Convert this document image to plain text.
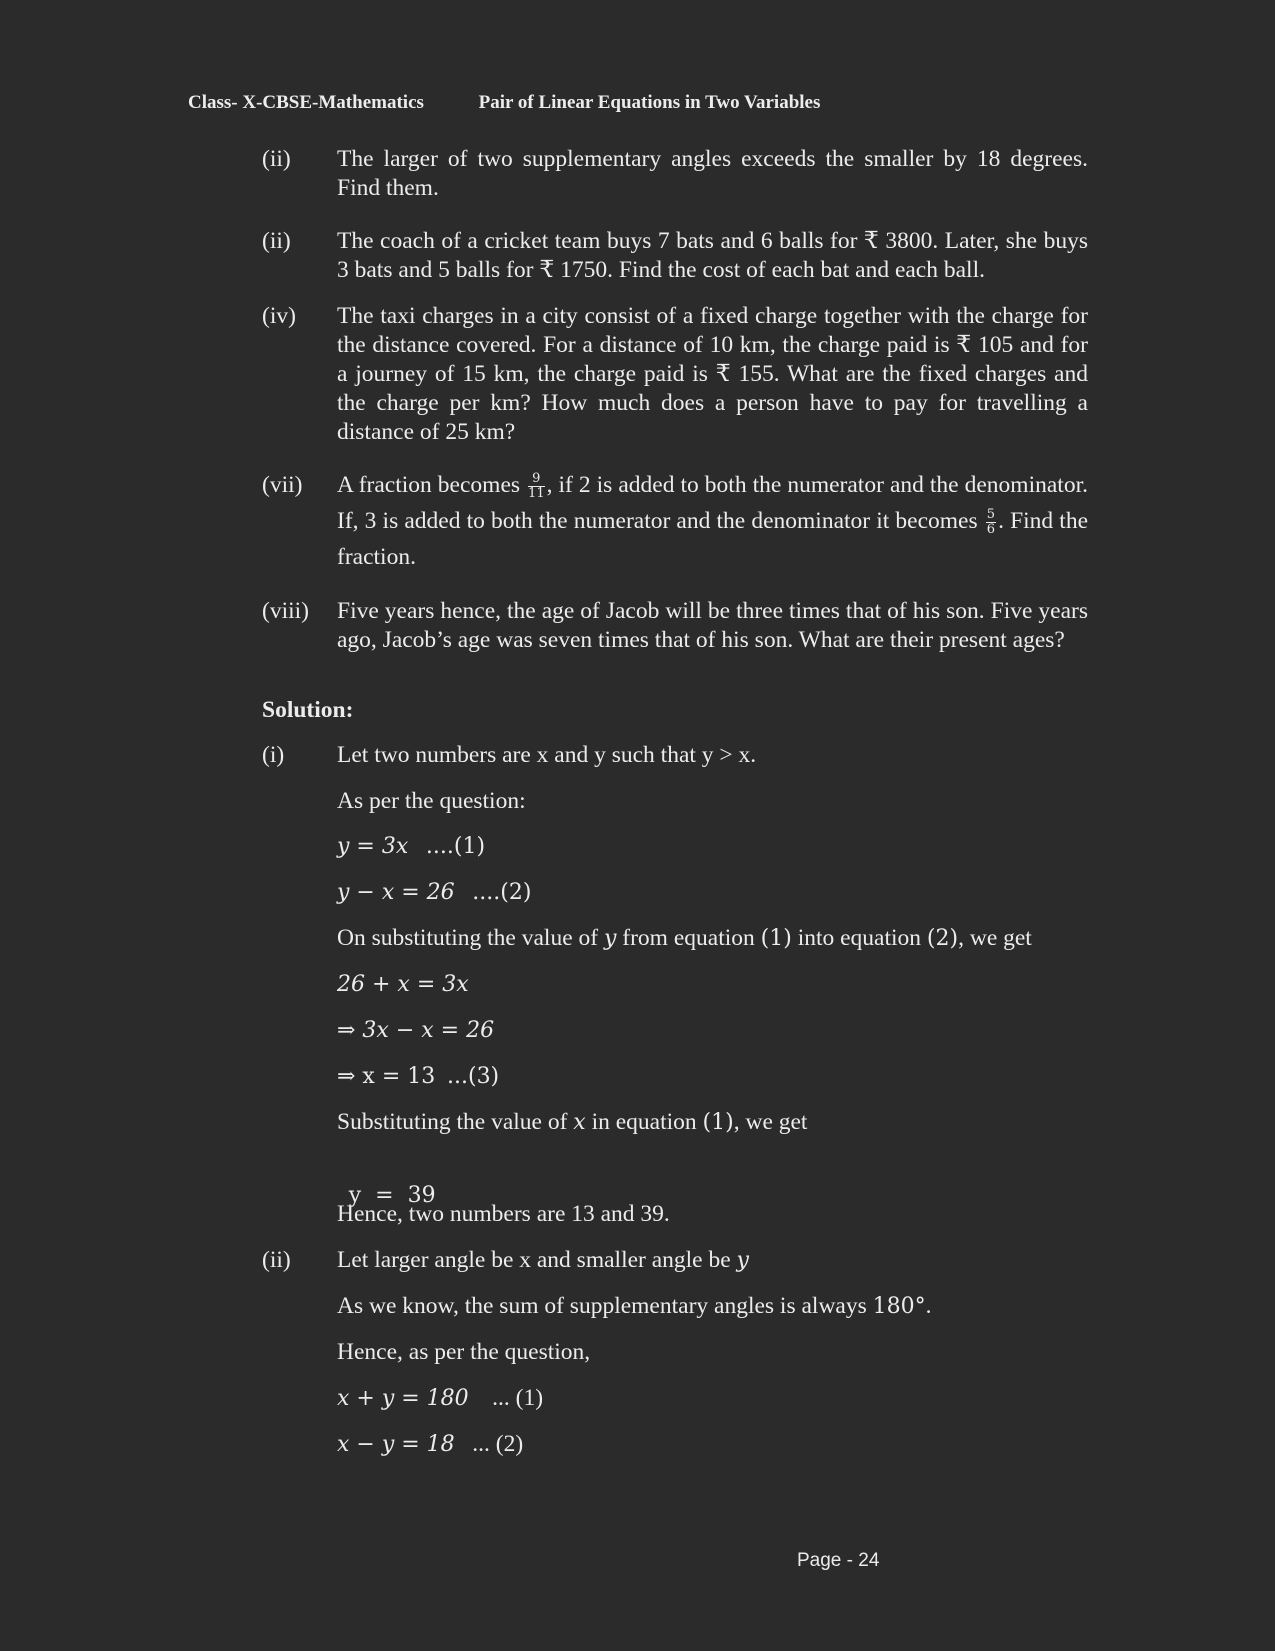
Class- X-CBSE-Mathematics	Pair of Linear Equations in Two Variables
(ii) The larger of two supplementary angles exceeds the smaller by 18 degrees. Find them.
(ii) The coach of a cricket team buys 7 bats and 6 balls for ₹ 3800. Later, she buys 3 bats and 5 balls for ₹ 1750. Find the cost of each bat and each ball.
(iv) The taxi charges in a city consist of a fixed charge together with the charge for the distance covered. For a distance of 10 km, the charge paid is ₹ 105 and for a journey of 15 km, the charge paid is ₹ 155. What are the fixed charges and the charge per km? How much does a person have to pay for travelling a distance of 25 km?
(vii) A fraction becomes $\frac{9}{11}$ , if 2 is added to both the numerator and the denominator. If, 3 is added to both the numerator and the denominator it becomes $\frac{5}{6}$ . Find the fraction.
(viii) Five years hence, the age of Jacob will be three times that of his son. Five years ago, Jacob’s age was seven times that of his son. What are their present ages?
Solution:
(i) Let two numbers are x and y such that y > x.
As per the question:
y = 3x ....(1)
y − x = 26 ....(2)
On substituting the value of y from equation (1) into equation (2), we get
26 + x = 3x
⇒ 3x − x = 26
⇒ x = 13 ...(3)
Substituting the value of x in equation (1), we get

y  =  39

Hence, two numbers are 13 and 39.
(ii) Let larger angle be x and smaller angle be y
As we know, the sum of supplementary angles is always 180°.
Hence, as per the question,
x + y = 180 ... (1)
x − y = 18 ... (2)
Page - 24
